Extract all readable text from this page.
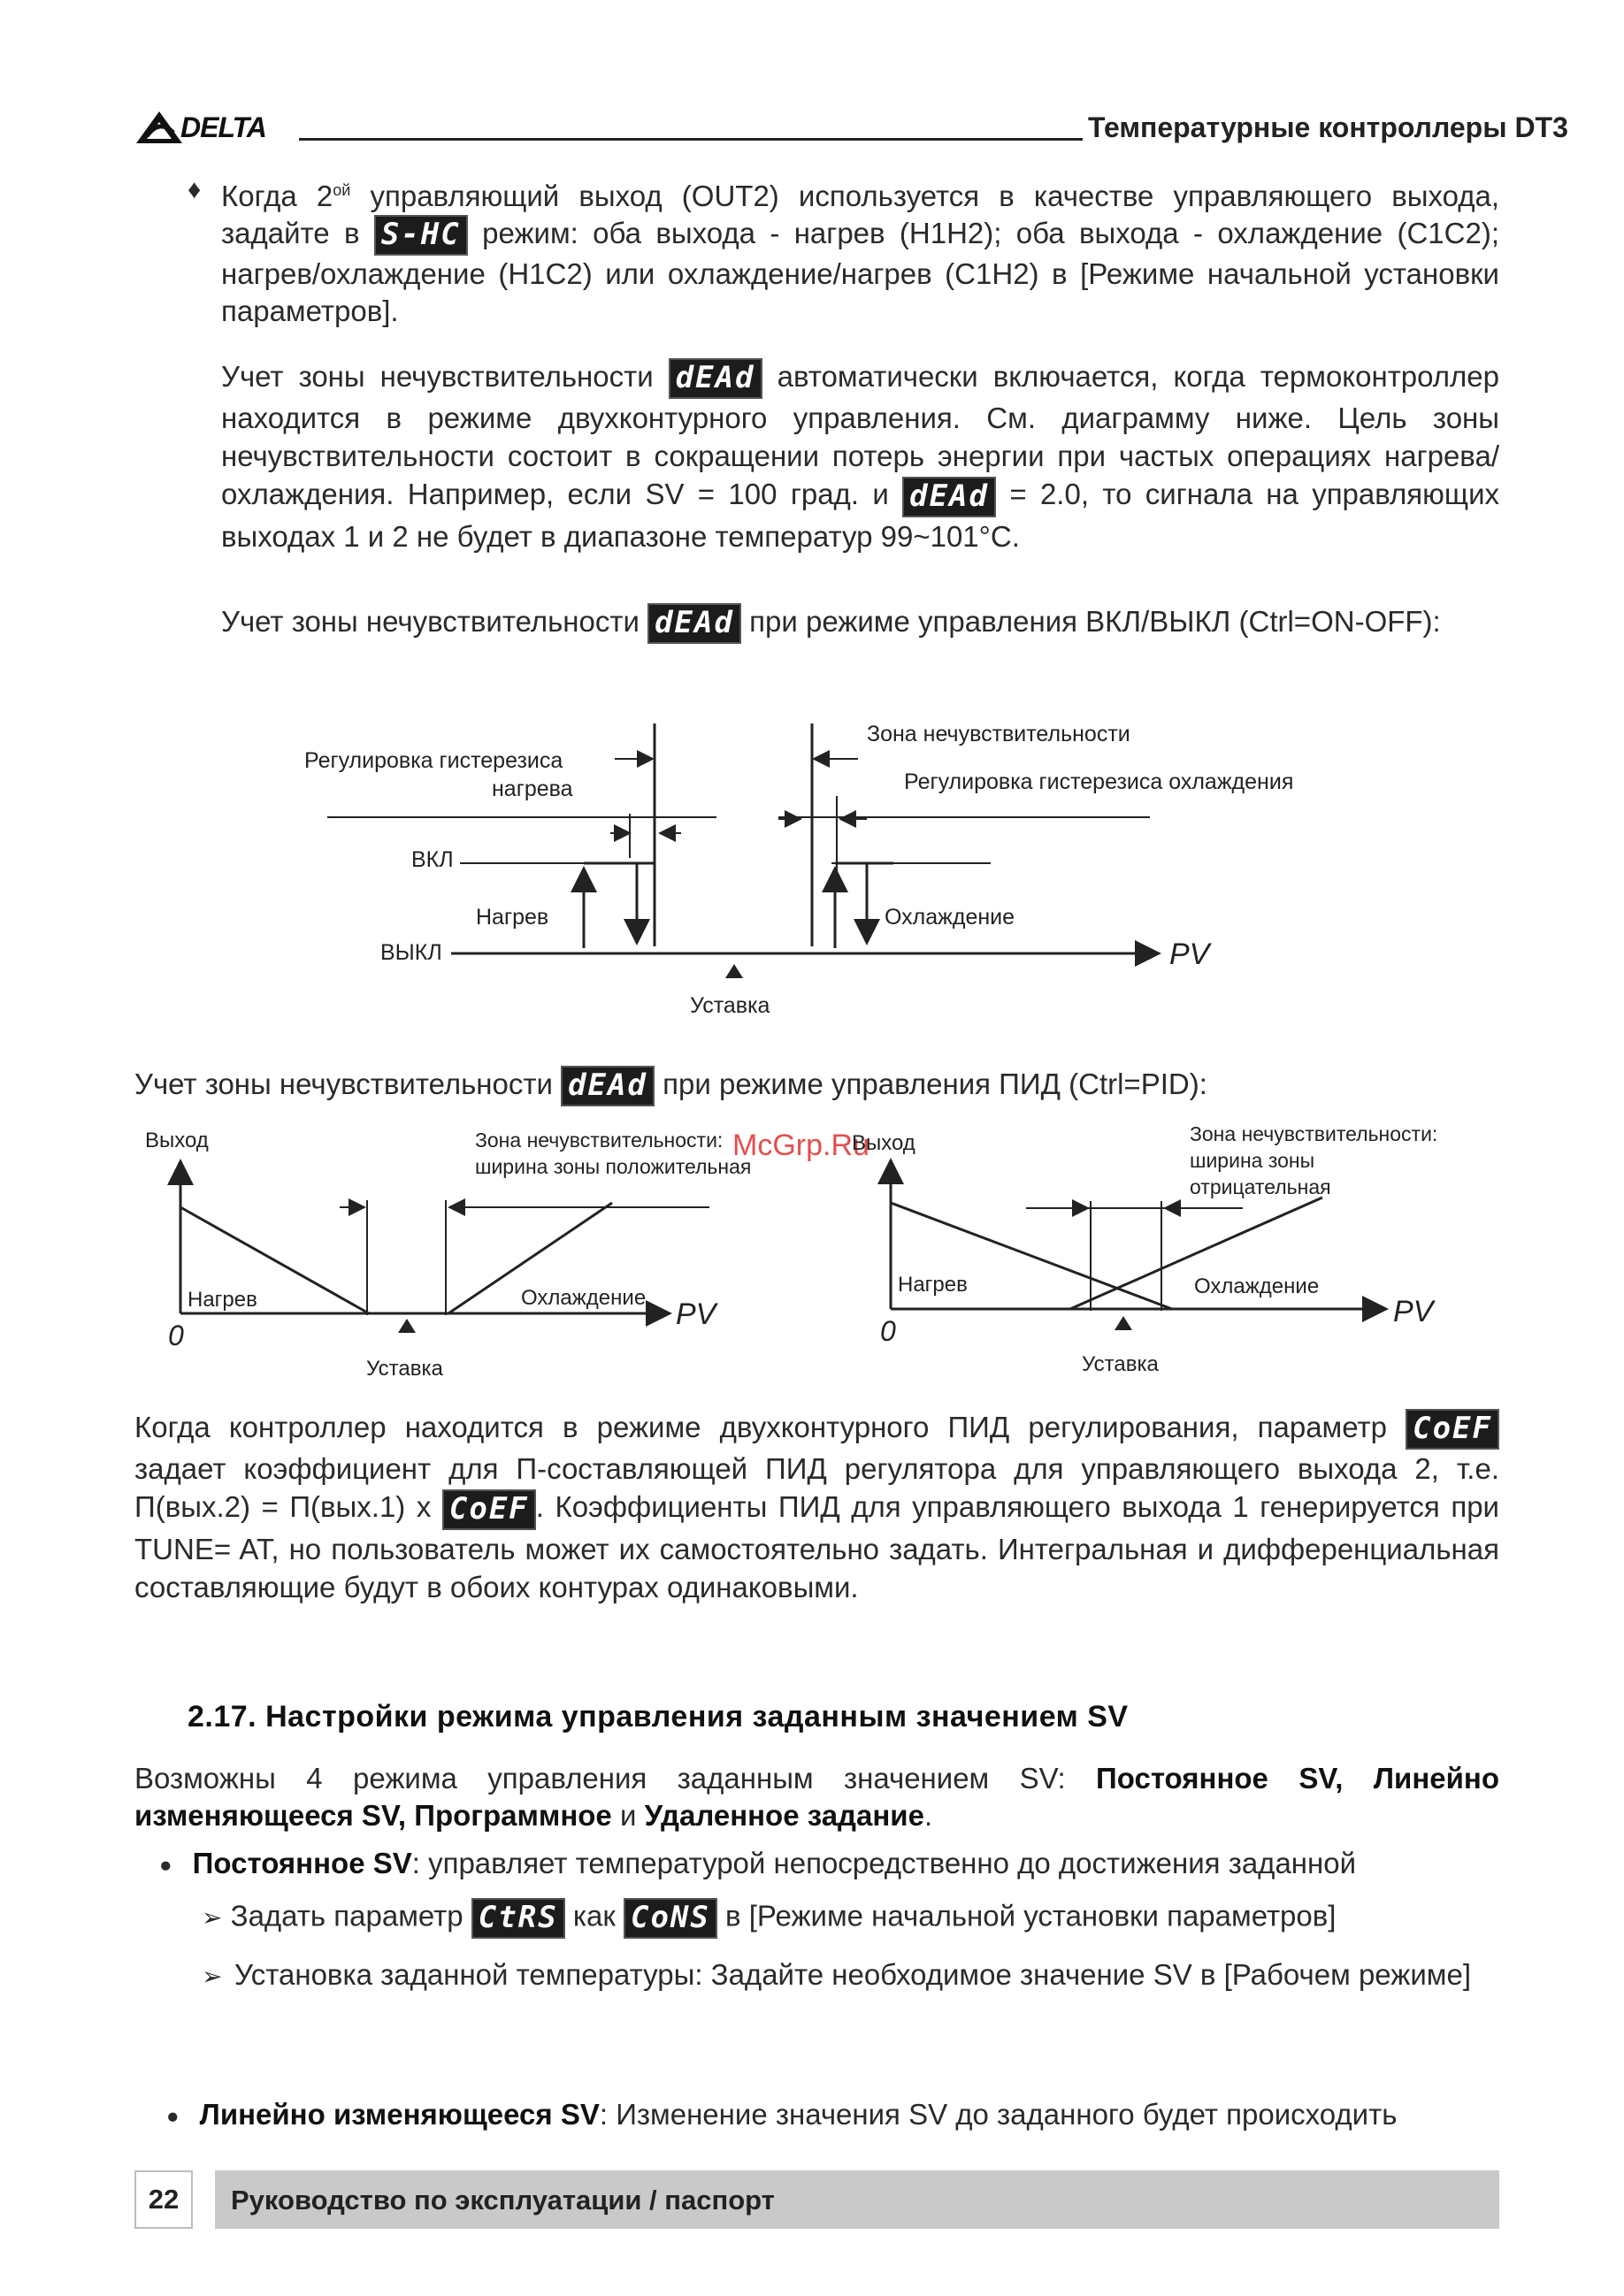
DELTA	Температурные контроллеры DT3
McGrp.Ru
♦ Когда $2^{ой}$ управляющий выход (OUT2) используется в качестве управляющего выхода, задайте в S-HC режим: оба выхода - нагрев (H1H2); оба выхода - охлаждение (C1C2); нагрев/охлаждение (H1C2) или охлаждение/нагрев (C1H2) в [Режиме начальной установки параметров].

Учет зоны нечувствительности dEAd автоматически включается, когда термоконтроллер находится в режиме двухконтурного управления. См. диаграмму ниже. Цель зоны нечувствительности состоит в сокращении потерь энергии при частых операциях нагрева/охлаждения. Например, если SV = 100 град. и dEAd = 2.0, то сигнала на управляющих выходах 1 и 2 не будет в диапазоне температур 99~101°C.

Учет зоны нечувствительности dEAd при режиме управления ВКЛ/ВЫКЛ (Ctrl=ON-OFF):

Регулировка гистерезиса
нагрева
Зона нечувствительности
Регулировка гистерезиса охлаждения
ВКЛ
ВЫКЛ
Нагрев	Охлаждение
PV
Уставка

Учет зоны нечувствительности dEAd при режиме управления ПИД (Ctrl=PID):

Выход	Зона нечувствительности:
ширина зоны положительная
PV
0
Нагрев	Охлаждение
Уставка
Выход	Зона нечувствительности:
ширина зоны
отрицательная
PV
0
Нагрев	Охлаждение
Уставка

Когда контроллер находится в режиме двухконтурного ПИД регулирования, параметр CoEF задает коэффициент для П-составляющей ПИД регулятора для управляющего выхода 2, т.е. П(вых.2) = П(вых.1) х CoEF . Коэффициенты ПИД для управляющего выхода 1 генерируется при TUNE= AT, но пользователь может их самостоятельно задать. Интегральная и дифференциальная составляющие будут в обоих контурах одинаковыми.

2.17. Настройки режима управления заданным значением SV

Возможны 4 режима управления заданным значением SV: Постоянное SV, Линейно изменяющееся SV, Программное и Удаленное задание.

● Постоянное SV: управляет температурой непосредственно до достижения заданной
➢ Задать параметр CtRS как CoNS в [Режиме начальной установки параметров]
➢ Установка заданной температуры: Задайте необходимое значение SV в [Рабочем режиме]

● Линейно изменяющееся SV: Изменение значения SV до заданного будет происходить
22 Руководство по эксплуатации / паспорт
